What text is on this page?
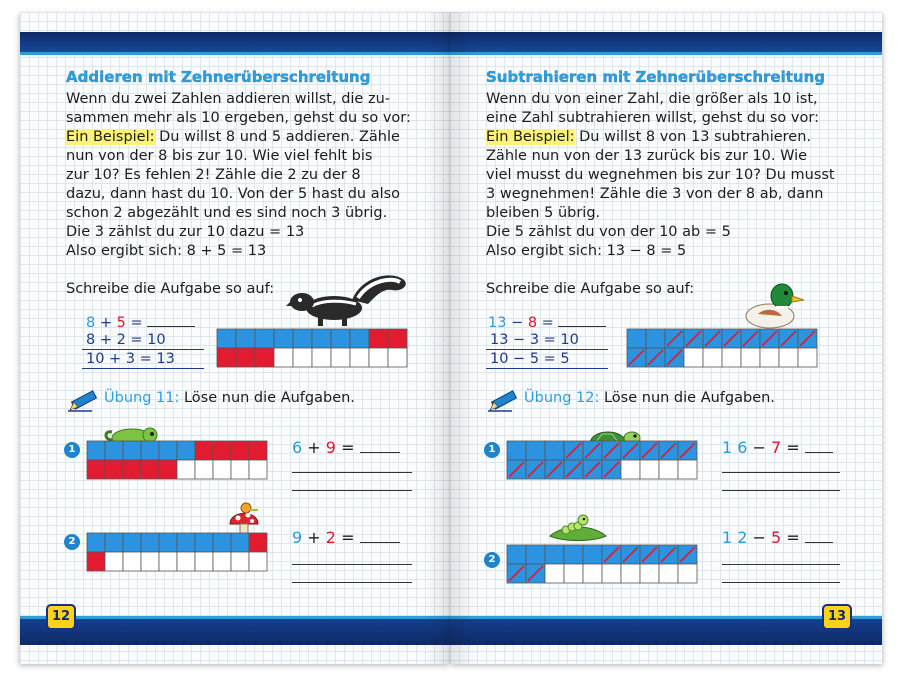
Addieren mit Zehnerüberschreitung
Wenn du zwei Zahlen addieren willst, die zu-
sammen mehr als 10 ergeben, gehst du so vor:
Ein Beispiel: Du willst 8 und 5 addieren. Zähle
nun von der 8 bis zur 10. Wie viel fehlt bis
zur 10? Es fehlen 2! Zähle die 2 zu der 8
dazu, dann hast du 10. Von der 5 hast du also
schon 2 abgezählt und es sind noch 3 übrig.
Die 3 zählst du zur 10 dazu = 13
Also ergibt sich: 8 + 5 = 13
Schreibe die Aufgabe so auf:
8 + 5 =
8 + 2 = 10
10 + 3 = 13
Übung 11: Löse nun die Aufgaben.
1	6 + 9 =
2	9 + 2 =
12
Subtrahieren mit Zehnerüberschreitung
Wenn du von einer Zahl, die größer als 10 ist,
eine Zahl subtrahieren willst, gehst du so vor:
Ein Beispiel: Du willst 8 von 13 subtrahieren.
Zähle nun von der 13 zurück bis zur 10. Wie
viel musst du wegnehmen bis zur 10? Du musst
3 wegnehmen! Zähle die 3 von der 8 ab, dann
bleiben 5 übrig.
Die 5 zählst du von der 10 ab = 5
Also ergibt sich: 13 − 8 = 5
Schreibe die Aufgabe so auf:
13 − 8 =
13 − 3 = 10
10 − 5 = 5
Übung 12: Löse nun die Aufgaben.
1	1 6 − 7 =
2
1 2 − 5 =
13
